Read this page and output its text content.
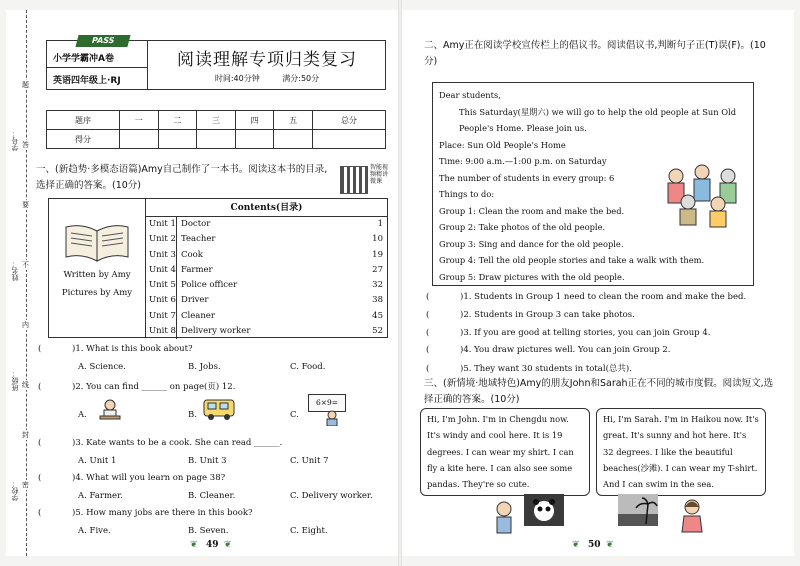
题
答
要
不
内
线
封
密
学号：
姓名：
班级：
学校：
PASS
小学学霸冲A卷
英语四年级上·RJ
阅读理解专项归类复习
时间:40分钟	满分:50分
题序	一	二	三	四	五	总分
得分						
一、(新趋势·多模态语篇)Amy自己制作了一本书。阅读这本书的目录,选择正确的答案。(10分)
智能视频精讲微课
Written by Amy
Pictures by Amy
Contents(目录)
Unit 1 Doctor	1
Unit 2 Teacher	10
Unit 3 Cook	19
Unit 4 Farmer	27
Unit 5 Police officer	32
Unit 6 Driver	38
Unit 7 Cleaner	45
Unit 8 Delivery worker	52
(	)1. What is this book about?
A. Science.	B. Jobs.	C. Food.
(	)2. You can find ______ on page(页) 12.
A.	B.	C.
6×9=
(	)3. Kate wants to be a cook. She can read ______.
A. Unit 1	B. Unit 3	C. Unit 7
(	)4. What will you learn on page 38?
A. Farmer.	B. Cleaner.	C. Delivery worker.
(	)5. How many jobs are there in this book?
A. Five.	B. Seven.	C. Eight.
❦ 49 ❦
二、Amy正在阅读学校宣传栏上的倡议书。阅读倡议书,判断句子正(T)误(F)。(10分)
Dear students,
This Saturday(星期六) we will go to help the old people at Sun Old People's Home. Please join us.
Place: Sun Old People's Home
Time: 9:00 a.m.—1:00 p.m. on Saturday
The number of students in every group: 6
Things to do:
Group 1: Clean the room and make the bed.
Group 2: Take photos of the old people.
Group 3: Sing and dance for the old people.
Group 4: Tell the old people stories and take a walk with them.
Group 5: Draw pictures with the old people.
(	)1. Students in Group 1 need to clean the room and make the bed.
(	)2. Students in Group 3 can take photos.
(	)3. If you are good at telling stories, you can join Group 4.
(	)4. You draw pictures well. You can join Group 2.
(	)5. They want 30 students in total(总共).
三、(新情境·地域特色)Amy的朋友John和Sarah正在不同的城市度假。阅读短文,选择正确的答案。(10分)
Hi, I'm John. I'm in Chengdu now. It's windy and cool here. It is 19 degrees. I can wear my shirt. I can fly a kite here. I can also see some pandas. They're so cute.
Hi, I'm Sarah. I'm in Haikou now. It's great. It's sunny and hot here. It's 32 degrees. I like the beautiful beaches(沙滩). I can wear my T-shirt. And I can swim in the sea.
❦ 50 ❦
